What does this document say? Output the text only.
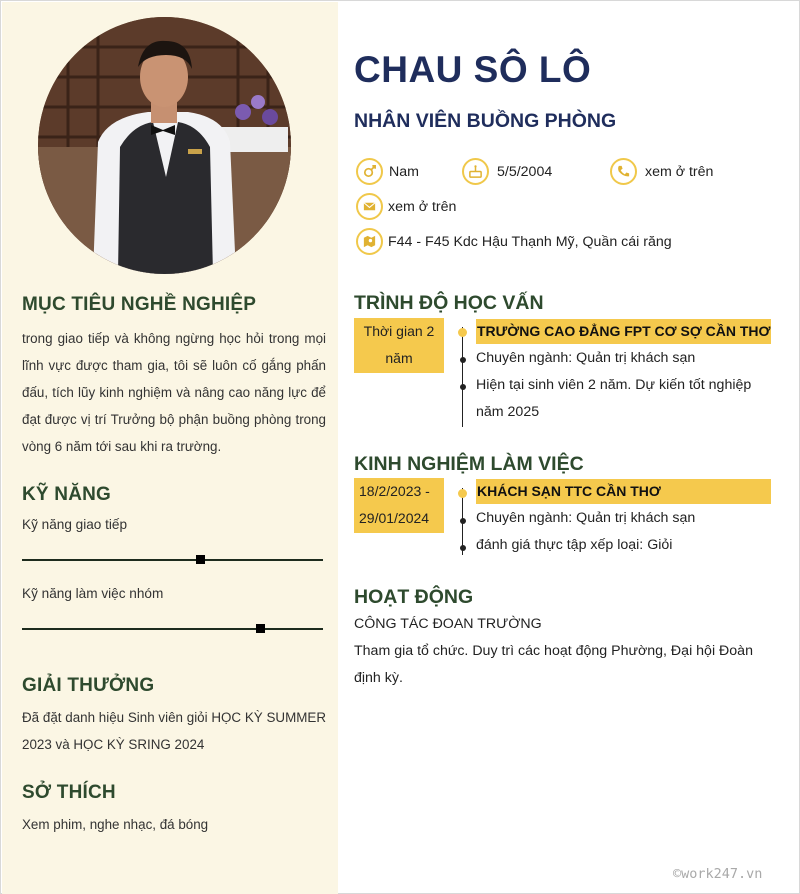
MỤC TIÊU NGHỀ NGHIỆP
trong giao tiếp và không ngừng học hỏi trong mọi lĩnh vực được tham gia, tôi sẽ luôn cố gắng phấn đấu, tích lũy kinh nghiệm và nâng cao năng lực để đạt được vị trí Trưởng bộ phận buồng phòng trong vòng 6 năm tới sau khi ra trường.
KỸ NĂNG
Kỹ năng giao tiếp
Kỹ năng làm việc nhóm
GIẢI THƯỞNG
Đã đặt danh hiệu Sinh viên giỏi HỌC KỲ SUMMER 2023 và HỌC KỲ SRING 2024
SỞ THÍCH
Xem phim, nghe nhạc, đá bóng
CHAU SÔ LÔ
NHÂN VIÊN BUỒNG PHÒNG
Nam	5/5/2004	xem ở trên
xem ở trên
F44 - F45 Kdc Hậu Thạnh Mỹ, Quần cái răng
TRÌNH ĐỘ HỌC VẤN
Thời gian 2 năm
TRƯỜNG CAO ĐẲNG FPT CƠ SỢ CẦN THƠ
Chuyên ngành: Quản trị khách sạn
Hiện tại sinh viên 2 năm. Dự kiến tốt nghiệp năm 2025
KINH NGHIỆM LÀM VIỆC
18/2/2023 - 29/01/2024
KHÁCH SẠN TTC CẦN THƠ
Chuyên ngành: Quản trị khách sạn
đánh giá thực tập xếp loại: Giỏi
HOẠT ĐỘNG
CÔNG TÁC ĐOAN TRƯỜNG
Tham gia tổ chức. Duy trì các hoạt động Phường, Đại hội Đoàn định kỳ.
©work247.vn
